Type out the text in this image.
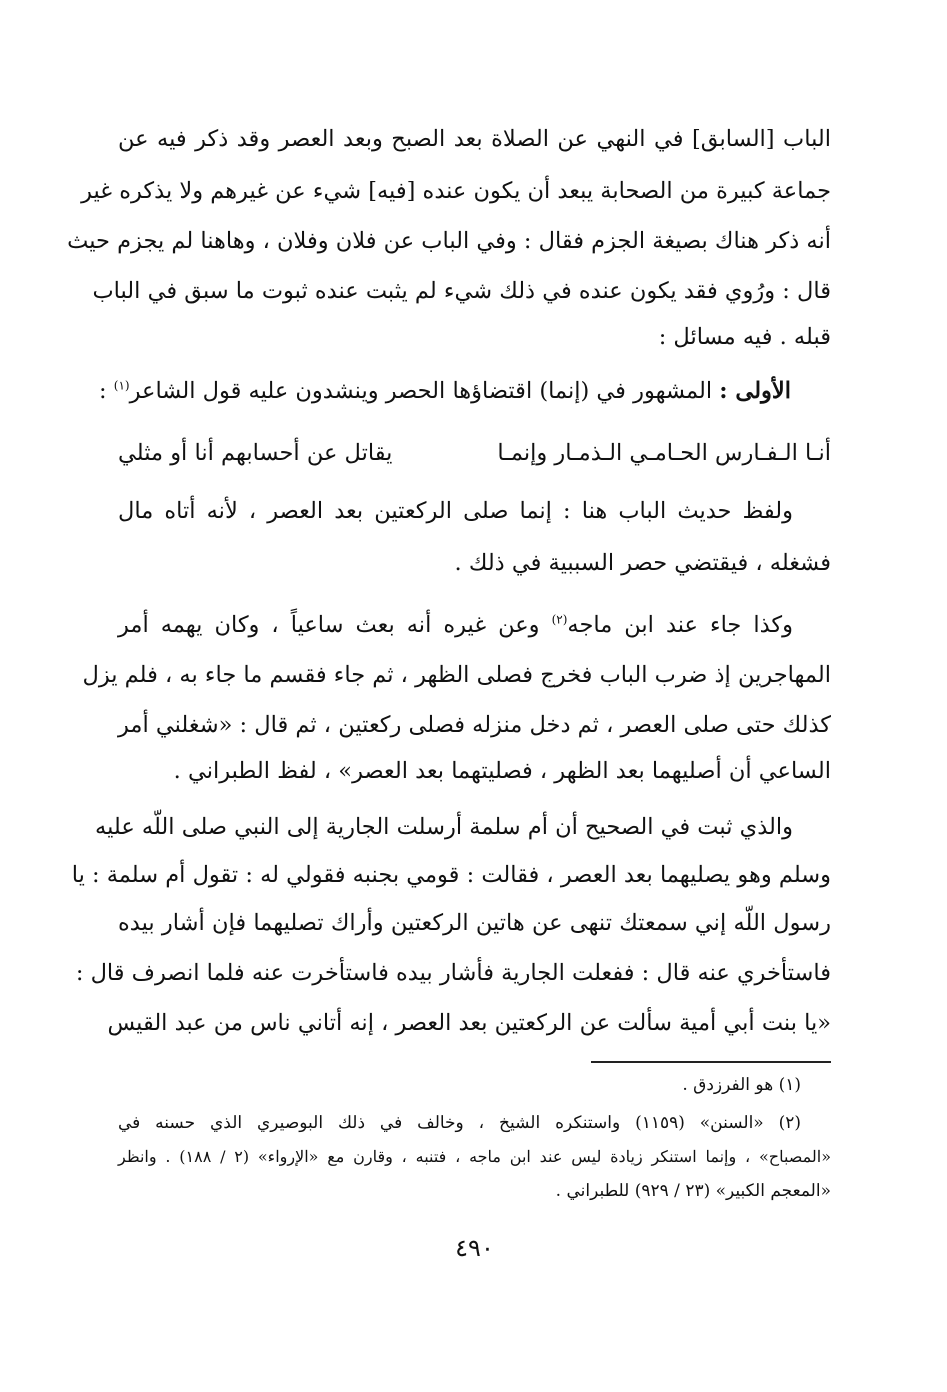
الباب [السابق] في النهي عن الصلاة بعد الصبح وبعد العصر وقد ذكر فيه عن
جماعة كبيرة من الصحابة يبعد أن يكون عنده [فيه] شيء عن غيرهم ولا يذكره غير
أنه ذكر هناك بصيغة الجزم فقال : وفي الباب عن فلان وفلان ، وهاهنا لم يجزم حيث
قال : ورُوي فقد يكون عنده في ذلك شيء لم يثبت عنده ثبوت ما سبق في الباب
قبله . فيه مسائل :
الأولى : المشهور في (إنما) اقتضاؤها الحصر وينشدون عليه قول الشاعر$^{(١)}$ :
أنـا الـفـارس الحـامـي الـذمـار وإنمـا
يقاتل عن أحسابهم أنا أو مثلي
ولفظ حديث الباب هنا : إنما صلى الركعتين بعد العصر ، لأنه أتاه مال
فشغله ، فيقتضي حصر السببية في ذلك .
وكذا جاء عند ابن ماجه$^{(٢)}$ وعن غيره أنه بعث ساعياً ، وكان يهمه أمر
المهاجرين إذ ضرب الباب فخرج فصلى الظهر ، ثم جاء فقسم ما جاء به ، فلم يزل
كذلك حتى صلى العصر ، ثم دخل منزله فصلى ركعتين ، ثم قال : «شغلني أمر
الساعي أن أصليهما بعد الظهر ، فصليتهما بعد العصر» ، لفظ الطبراني .
والذي ثبت في الصحيح أن أم سلمة أرسلت الجارية إلى النبي صلى اللّه عليه
وسلم وهو يصليهما بعد العصر ، فقالت : قومي بجنبه فقولي له : تقول أم سلمة : يا
رسول اللّه إني سمعتك تنهى عن هاتين الركعتين وأراك تصليهما فإن أشار بيده
فاستأخري عنه قال : ففعلت الجارية فأشار بيده فاستأخرت عنه فلما انصرف قال :
«يا بنت أبي أمية سألت عن الركعتين بعد العصر ، إنه أتاني ناس من عبد القيس
(١) هو الفرزدق .
(٢) «السنن» (١١٥٩) واستنكره الشيخ ، وخالف في ذلك البوصيري الذي حسنه في
«المصباح» ، وإنما استنكر زيادة ليس عند ابن ماجه ، فتنبه ، وقارن مع «الإرواء» (٢ / ١٨٨) . وانظر
«المعجم الكبير» (٢٣ / ٩٢٩) للطبراني .
٤٩٠
